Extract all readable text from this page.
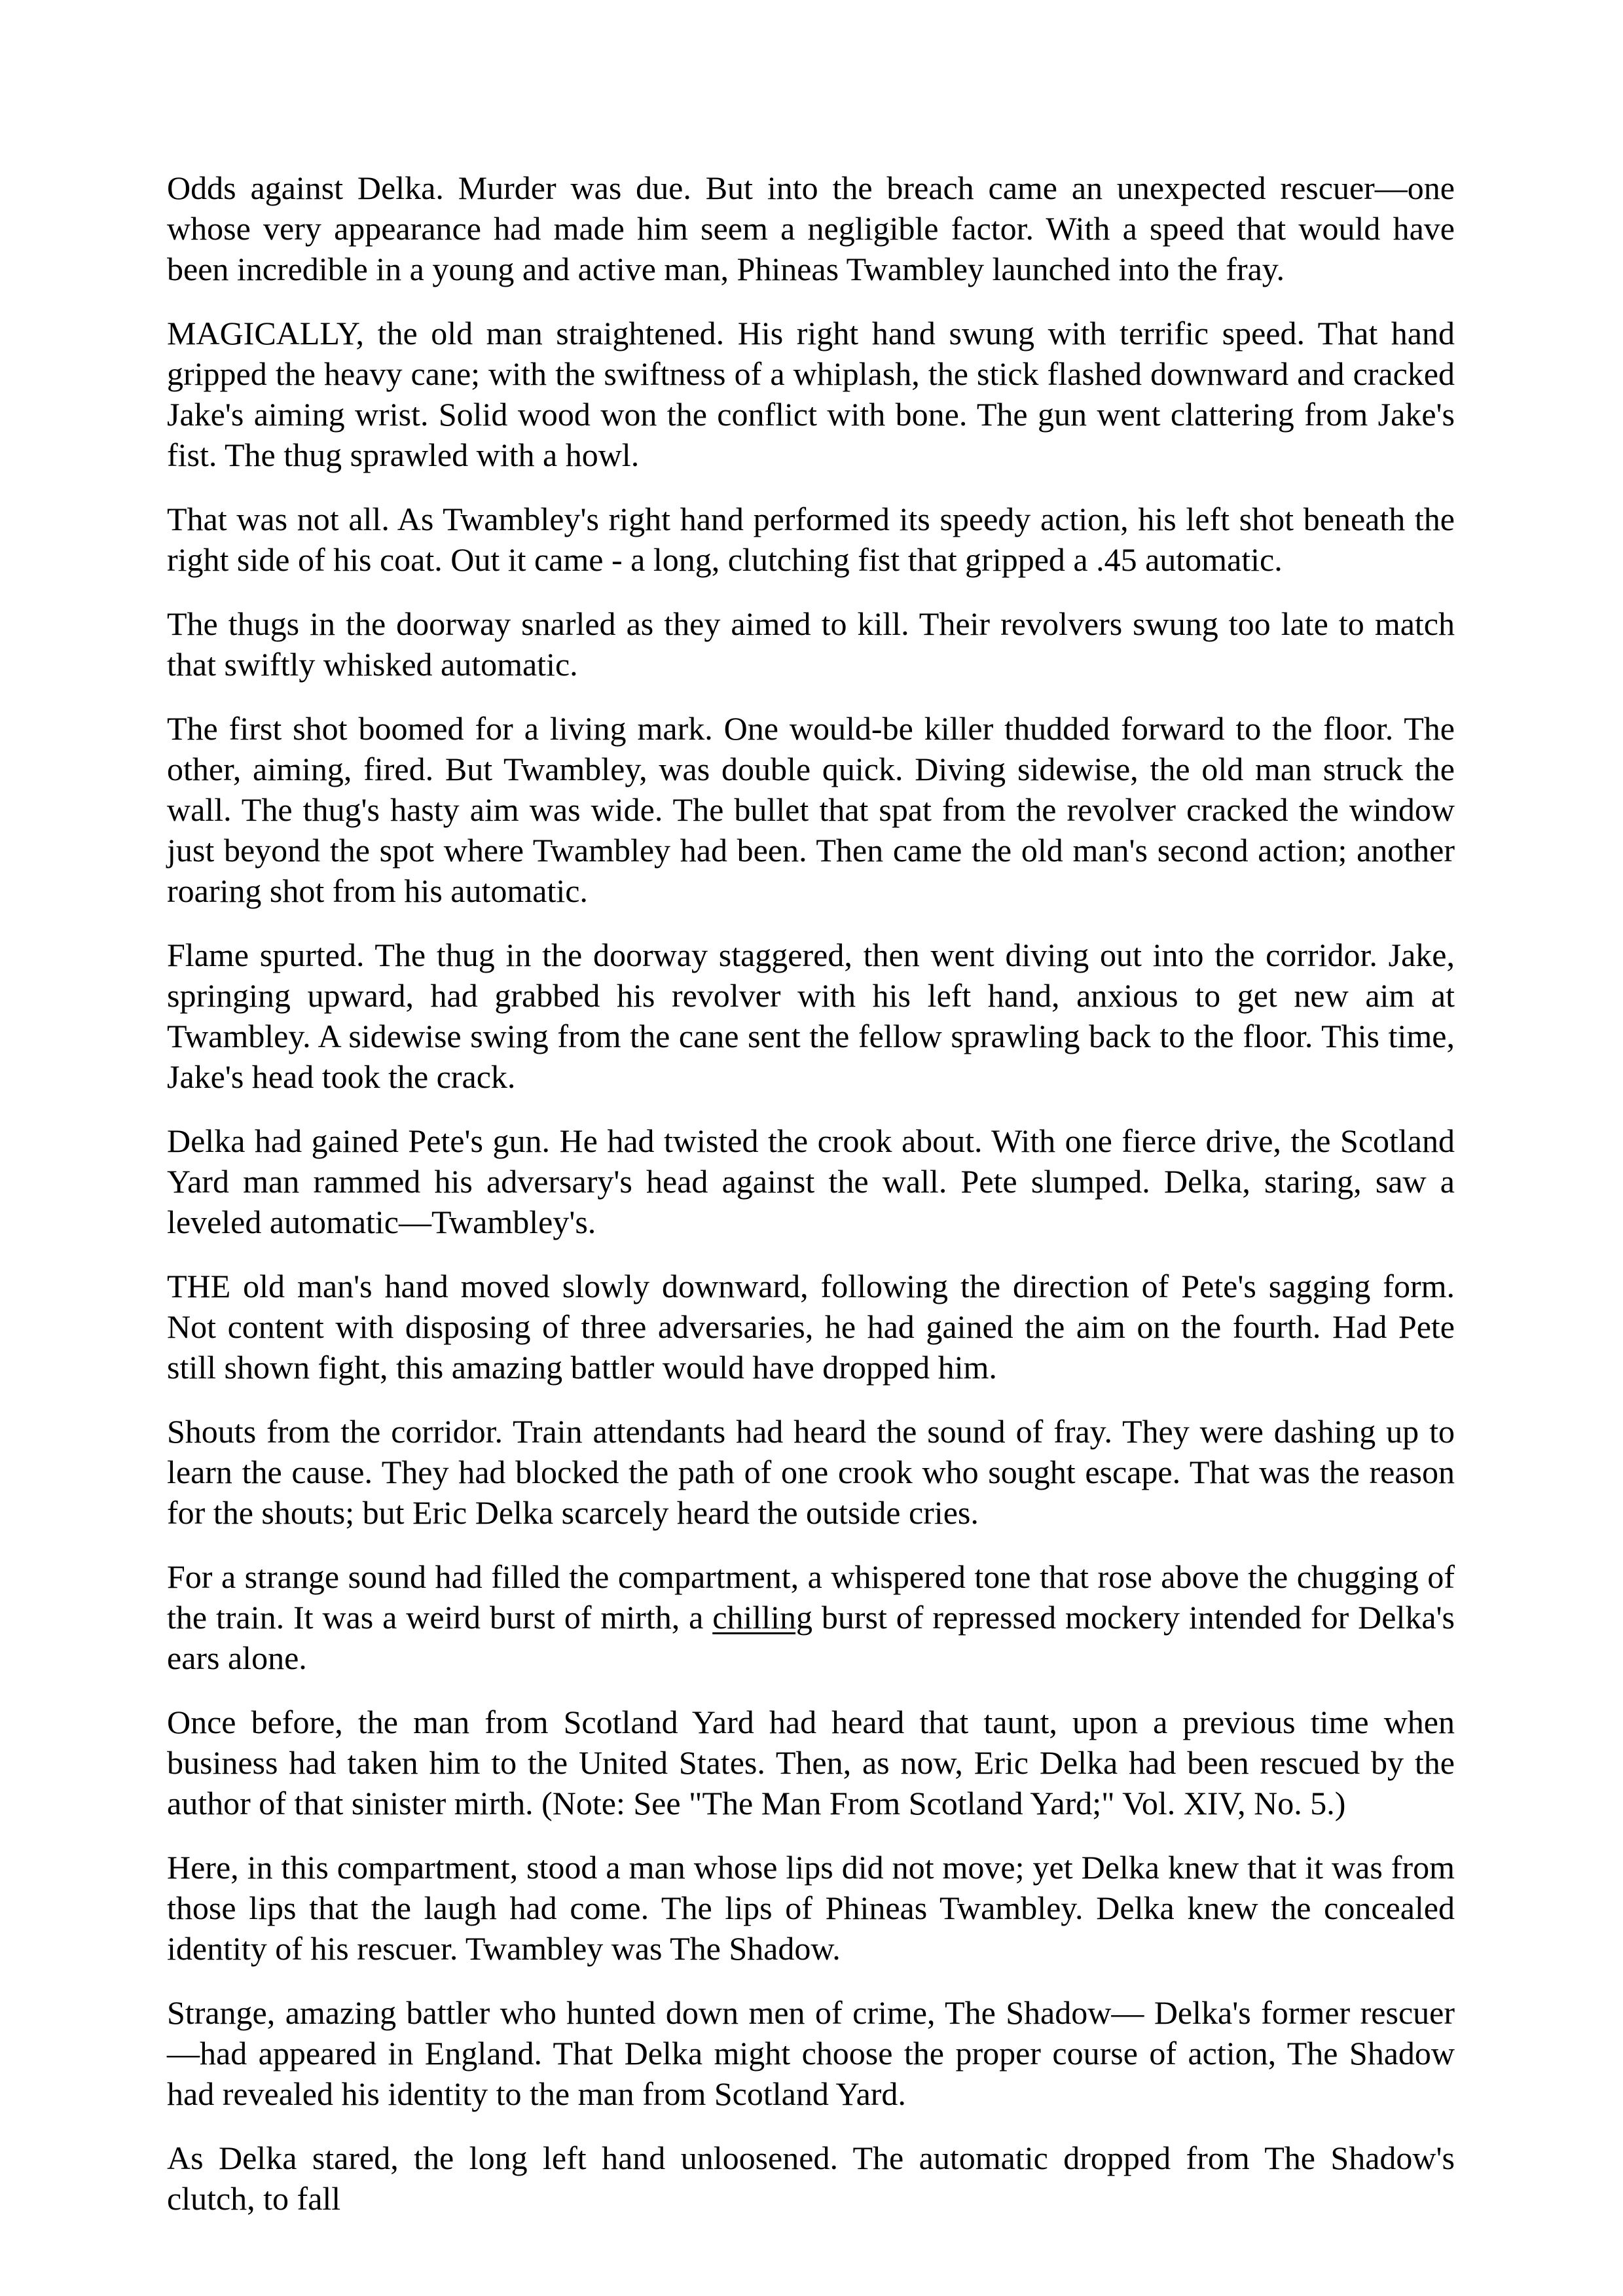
Odds against Delka. Murder was due. But into the breach came an unexpected rescuer—one whose very appearance had made him seem a negligible factor. With a speed that would have been incredible in a young and active man, Phineas Twambley launched into the fray.

MAGICALLY, the old man straightened. His right hand swung with terrific speed. That hand gripped the heavy cane; with the swiftness of a whiplash, the stick flashed downward and cracked Jake's aiming wrist. Solid wood won the conflict with bone. The gun went clattering from Jake's fist. The thug sprawled with a howl.

That was not all. As Twambley's right hand performed its speedy action, his left shot beneath the right side of his coat. Out it came - a long, clutching fist that gripped a .45 automatic.

The thugs in the doorway snarled as they aimed to kill. Their revolvers swung too late to match that swiftly whisked automatic.

The first shot boomed for a living mark. One would-be killer thudded forward to the floor. The other, aiming, fired. But Twambley, was double quick. Diving sidewise, the old man struck the wall. The thug's hasty aim was wide. The bullet that spat from the revolver cracked the window just beyond the spot where Twambley had been. Then came the old man's second action; another roaring shot from his automatic.

Flame spurted. The thug in the doorway staggered, then went diving out into the corridor. Jake, springing upward, had grabbed his revolver with his left hand, anxious to get new aim at Twambley. A sidewise swing from the cane sent the fellow sprawling back to the floor. This time, Jake's head took the crack.

Delka had gained Pete's gun. He had twisted the crook about. With one fierce drive, the Scotland Yard man rammed his adversary's head against the wall. Pete slumped. Delka, staring, saw a leveled automatic—Twambley's.

THE old man's hand moved slowly downward, following the direction of Pete's sagging form. Not content with disposing of three adversaries, he had gained the aim on the fourth. Had Pete still shown fight, this amazing battler would have dropped him.

Shouts from the corridor. Train attendants had heard the sound of fray. They were dashing up to learn the cause. They had blocked the path of one crook who sought escape. That was the reason for the shouts; but Eric Delka scarcely heard the outside cries.

For a strange sound had filled the compartment, a whispered tone that rose above the chugging of the train. It was a weird burst of mirth, a chilling burst of repressed mockery intended for Delka's ears alone.

Once before, the man from Scotland Yard had heard that taunt, upon a previous time when business had taken him to the United States. Then, as now, Eric Delka had been rescued by the author of that sinister mirth. (Note: See "The Man From Scotland Yard;" Vol. XIV, No. 5.)

Here, in this compartment, stood a man whose lips did not move; yet Delka knew that it was from those lips that the laugh had come. The lips of Phineas Twambley. Delka knew the concealed identity of his rescuer. Twambley was The Shadow.

Strange, amazing battler who hunted down men of crime, The Shadow— Delka's former rescuer—had appeared in England. That Delka might choose the proper course of action, The Shadow had revealed his identity to the man from Scotland Yard.

As Delka stared, the long left hand unloosened. The automatic dropped from The Shadow's clutch, to fall
